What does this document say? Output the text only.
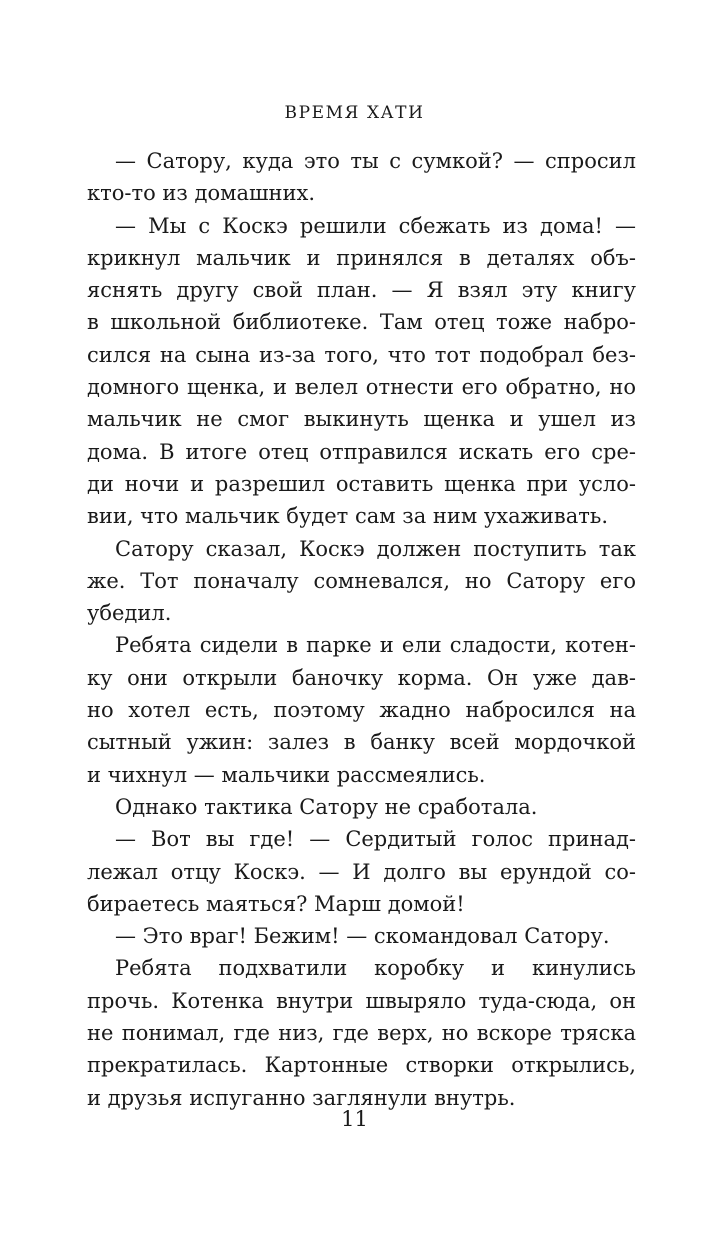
ВРЕМЯ ХАТИ
— Сатору, куда это ты с сумкой? — спросил
кто-то из домашних.
— Мы с Коскэ решили сбежать из дома! —
крикнул мальчик и принялся в деталях объ-
яснять другу свой план. — Я взял эту книгу
в школьной библиотеке. Там отец тоже набро-
сился на сына из-за того, что тот подобрал без-
домного щенка, и велел отнести его обратно, но
мальчик не смог выкинуть щенка и ушел из
дома. В итоге отец отправился искать его сре-
ди ночи и разрешил оставить щенка при усло-
вии, что мальчик будет сам за ним ухаживать.
Сатору сказал, Коскэ должен поступить так
же. Тот поначалу сомневался, но Сатору его
убедил.
Ребята сидели в парке и ели сладости, котен-
ку они открыли баночку корма. Он уже дав-
но хотел есть, поэтому жадно набросился на
сытный ужин: залез в банку всей мордочкой
и чихнул — мальчики рассмеялись.
Однако тактика Сатору не сработала.
— Вот вы где! — Сердитый голос принад-
лежал отцу Коскэ. — И долго вы ерундой со-
бираетесь маяться? Марш домой!
— Это враг! Бежим! — скомандовал Сатору.
Ребята подхватили коробку и кинулись
прочь. Котенка внутри швыряло туда-сюда, он
не понимал, где низ, где верх, но вскоре тряска
прекратилась. Картонные створки открылись,
и друзья испуганно заглянули внутрь.
11
